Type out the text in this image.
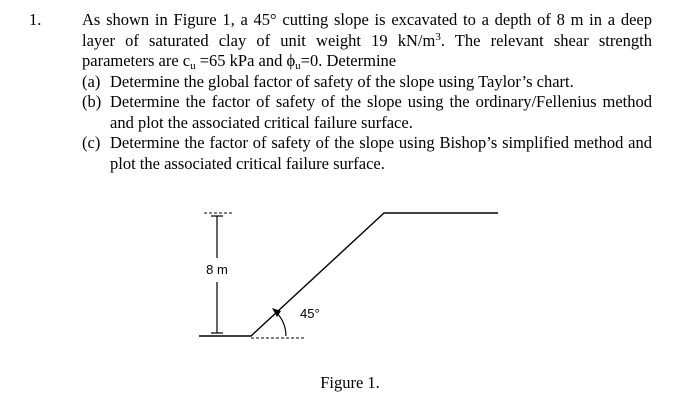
1. As shown in Figure 1, a 45° cutting slope is excavated to a depth of 8 m in a deep layer of saturated clay of unit weight 19 $kN/m^3$. The relevant shear strength parameters are $c_u =65$ kPa and $\phi_u=0$. Determine

(a) Determine the global factor of safety of the slope using Taylor’s chart.
(b) Determine the factor of safety of the slope using the ordinary/Fellenius method and plot the associated critical failure surface.
(c) Determine the factor of safety of the slope using Bishop’s simplified method and plot the associated critical failure surface.
8 m
45°
Figure 1.
